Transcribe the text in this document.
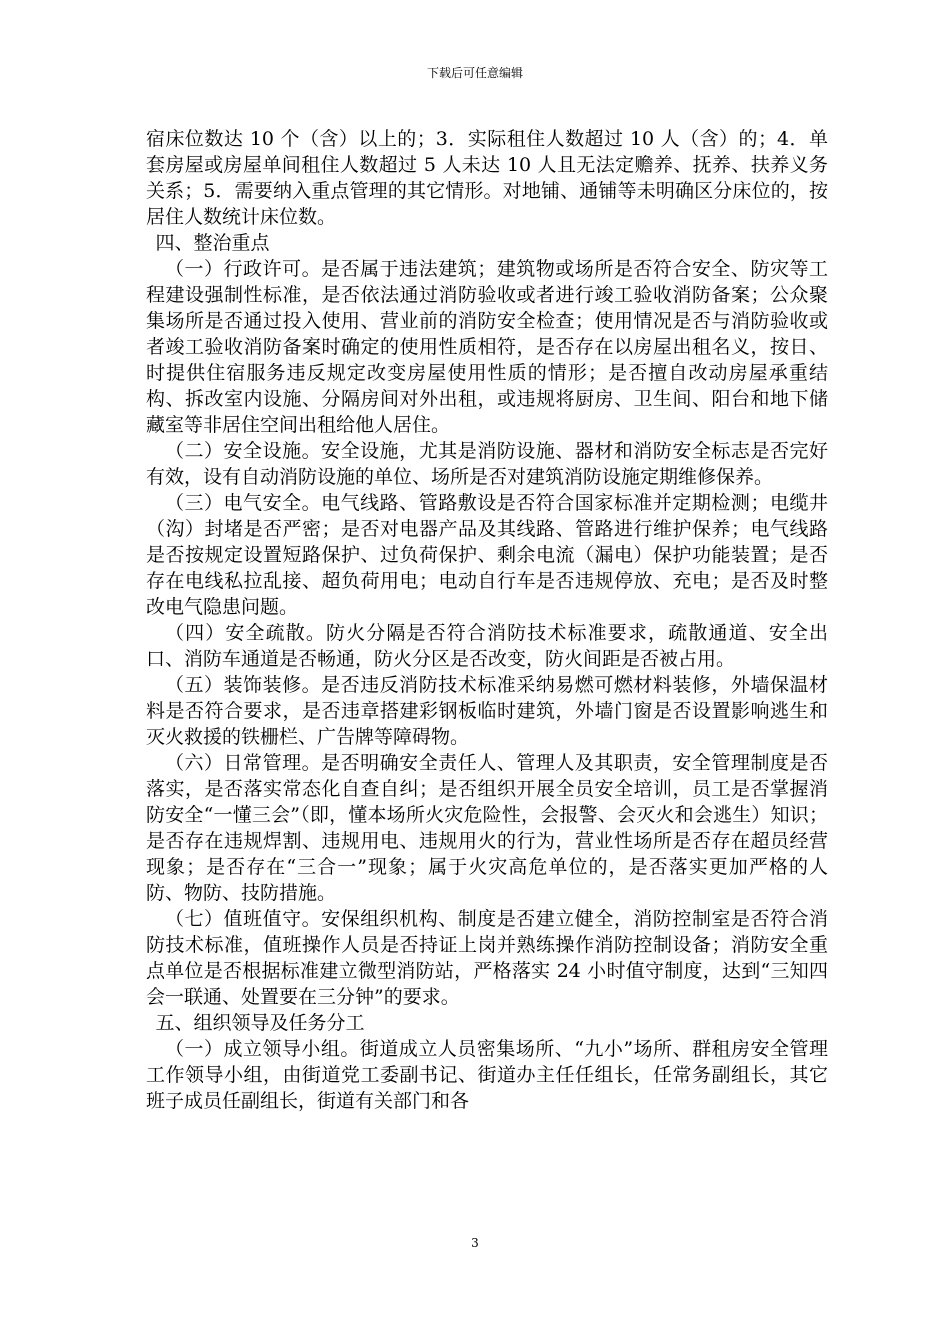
下载后可任意编辑

宿床位数达 10 个（含）以上的；3．实际租住人数超过 10 人（含）的；4．单套房屋或房屋单间租住人数超过 5 人未达 10 人且无法定赡养、抚养、扶养义务关系；5．需要纳入重点管理的其它情形。对地铺、通铺等未明确区分床位的，按居住人数统计床位数。

四、整治重点

（一）行政许可。是否属于违法建筑；建筑物或场所是否符合安全、防灾等工程建设强制性标准，是否依法通过消防验收或者进行竣工验收消防备案；公众聚集场所是否通过投入使用、营业前的消防安全检查；使用情况是否与消防验收或者竣工验收消防备案时确定的使用性质相符，是否存在以房屋出租名义，按日、时提供住宿服务违反规定改变房屋使用性质的情形；是否擅自改动房屋承重结构、拆改室内设施、分隔房间对外出租，或违规将厨房、卫生间、阳台和地下储藏室等非居住空间出租给他人居住。

（二）安全设施。安全设施，尤其是消防设施、器材和消防安全标志是否完好有效，设有自动消防设施的单位、场所是否对建筑消防设施定期维修保养。

（三）电气安全。电气线路、管路敷设是否符合国家标准并定期检测；电缆井（沟）封堵是否严密；是否对电器产品及其线路、管路进行维护保养；电气线路是否按规定设置短路保护、过负荷保护、剩余电流（漏电）保护功能装置；是否存在电线私拉乱接、超负荷用电；电动自行车是否违规停放、充电；是否及时整改电气隐患问题。

（四）安全疏散。防火分隔是否符合消防技术标准要求，疏散通道、安全出口、消防车通道是否畅通，防火分区是否改变，防火间距是否被占用。

（五）装饰装修。是否违反消防技术标准采纳易燃可燃材料装修，外墙保温材料是否符合要求，是否违章搭建彩钢板临时建筑，外墙门窗是否设置影响逃生和灭火救援的铁栅栏、广告牌等障碍物。

（六）日常管理。是否明确安全责任人、管理人及其职责，安全管理制度是否落实，是否落实常态化自查自纠；是否组织开展全员安全培训，员工是否掌握消防安全“一懂三会”（即，懂本场所火灾危险性，会报警、会灭火和会逃生）知识；是否存在违规焊割、违规用电、违规用火的行为，营业性场所是否存在超员经营现象；是否存在“三合一”现象；属于火灾高危单位的，是否落实更加严格的人防、物防、技防措施。

（七）值班值守。安保组织机构、制度是否建立健全，消防控制室是否符合消防技术标准，值班操作人员是否持证上岗并熟练操作消防控制设备；消防安全重点单位是否根据标准建立微型消防站，严格落实 24 小时值守制度，达到“三知四会一联通、处置要在三分钟”的要求。

五、组织领导及任务分工

（一）成立领导小组。街道成立人员密集场所、“九小”场所、群租房安全管理工作领导小组，由街道党工委副书记、街道办主任任组长，任常务副组长，其它班子成员任副组长，街道有关部门和各

3
